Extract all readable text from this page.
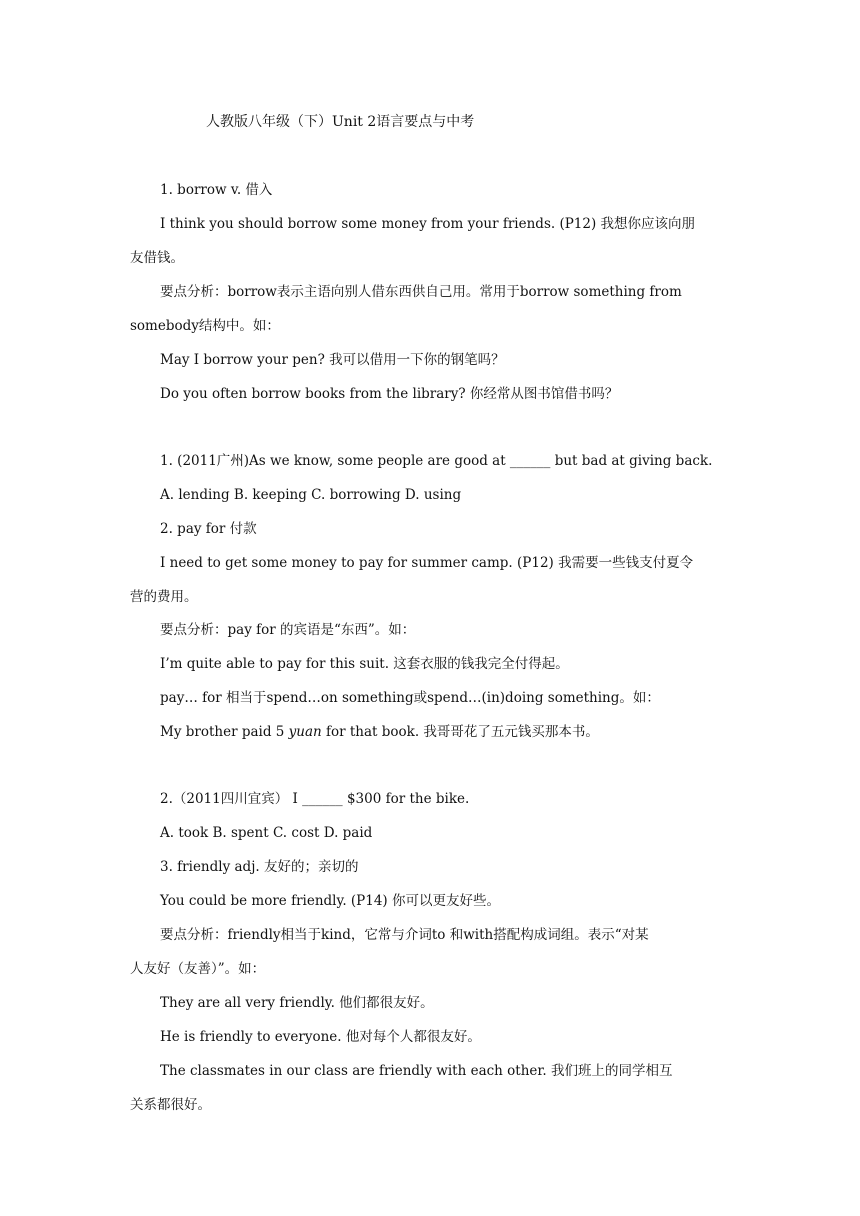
人教版八年级（下）Unit 2语言要点与中考
1. borrow v. 借入
I think you should borrow some money from your friends. (P12) 我想你应该向朋
友借钱。
要点分析：borrow表示主语向别人借东西供自己用。常用于borrow something from
somebody结构中。如：
May I borrow your pen? 我可以借用一下你的钢笔吗？
Do you often borrow books from the library? 你经常从图书馆借书吗？
1. (2011广州)As we know, some people are good at ______ but bad at giving back.
A. lending B. keeping C. borrowing D. using
2. pay for 付款
I need to get some money to pay for summer camp. (P12) 我需要一些钱支付夏令
营的费用。
要点分析：pay for 的宾语是“东西”。如：
I’m quite able to pay for this suit. 这套衣服的钱我完全付得起。
pay… for 相当于spend…on something或spend…(in)doing something。如：
My brother paid 5 yuan for that book. 我哥哥花了五元钱买那本书。
2.（2011四川宜宾） I ______ $300 for the bike.
A. took B. spent C. cost D. paid
3. friendly adj. 友好的；亲切的
You could be more friendly. (P14) 你可以更友好些。
要点分析：friendly相当于kind，它常与介词to 和with搭配构成词组。表示“对某
人友好（友善）”。如：
They are all very friendly. 他们都很友好。
He is friendly to everyone. 他对每个人都很友好。
The classmates in our class are friendly with each other. 我们班上的同学相互
关系都很好。
